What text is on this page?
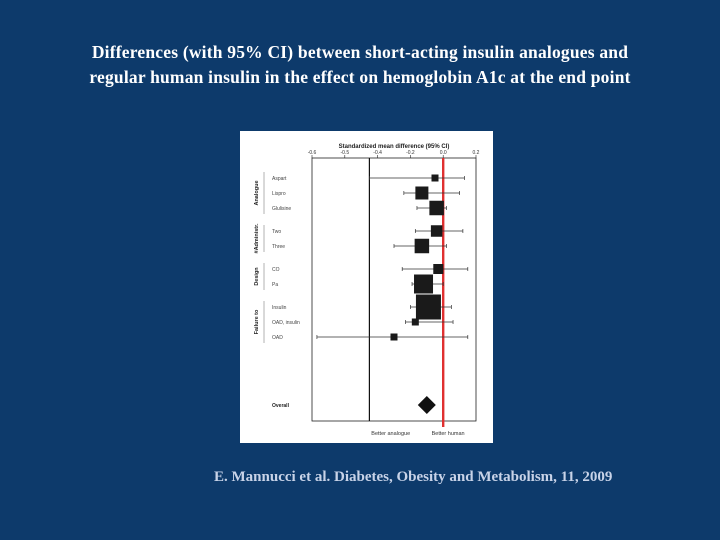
Differences (with 95% CI) between short-acting insulin analogues and
regular human insulin in the effect on hemoglobin A1c at the end point
Standardized mean difference (95% CI)
-0.6	-0.5	-0.4	-0.2	0.0	0.2
Aspart
Lispro
Glulisine
Analogue
Two
Three
#Administr.
CO
Pa
Design
Insulin
OAD, insulin
OAD
Failure to
Overall
Better analogue	Better human
E. Mannucci et al. Diabetes, Obesity and Metabolism, 11, 2009
